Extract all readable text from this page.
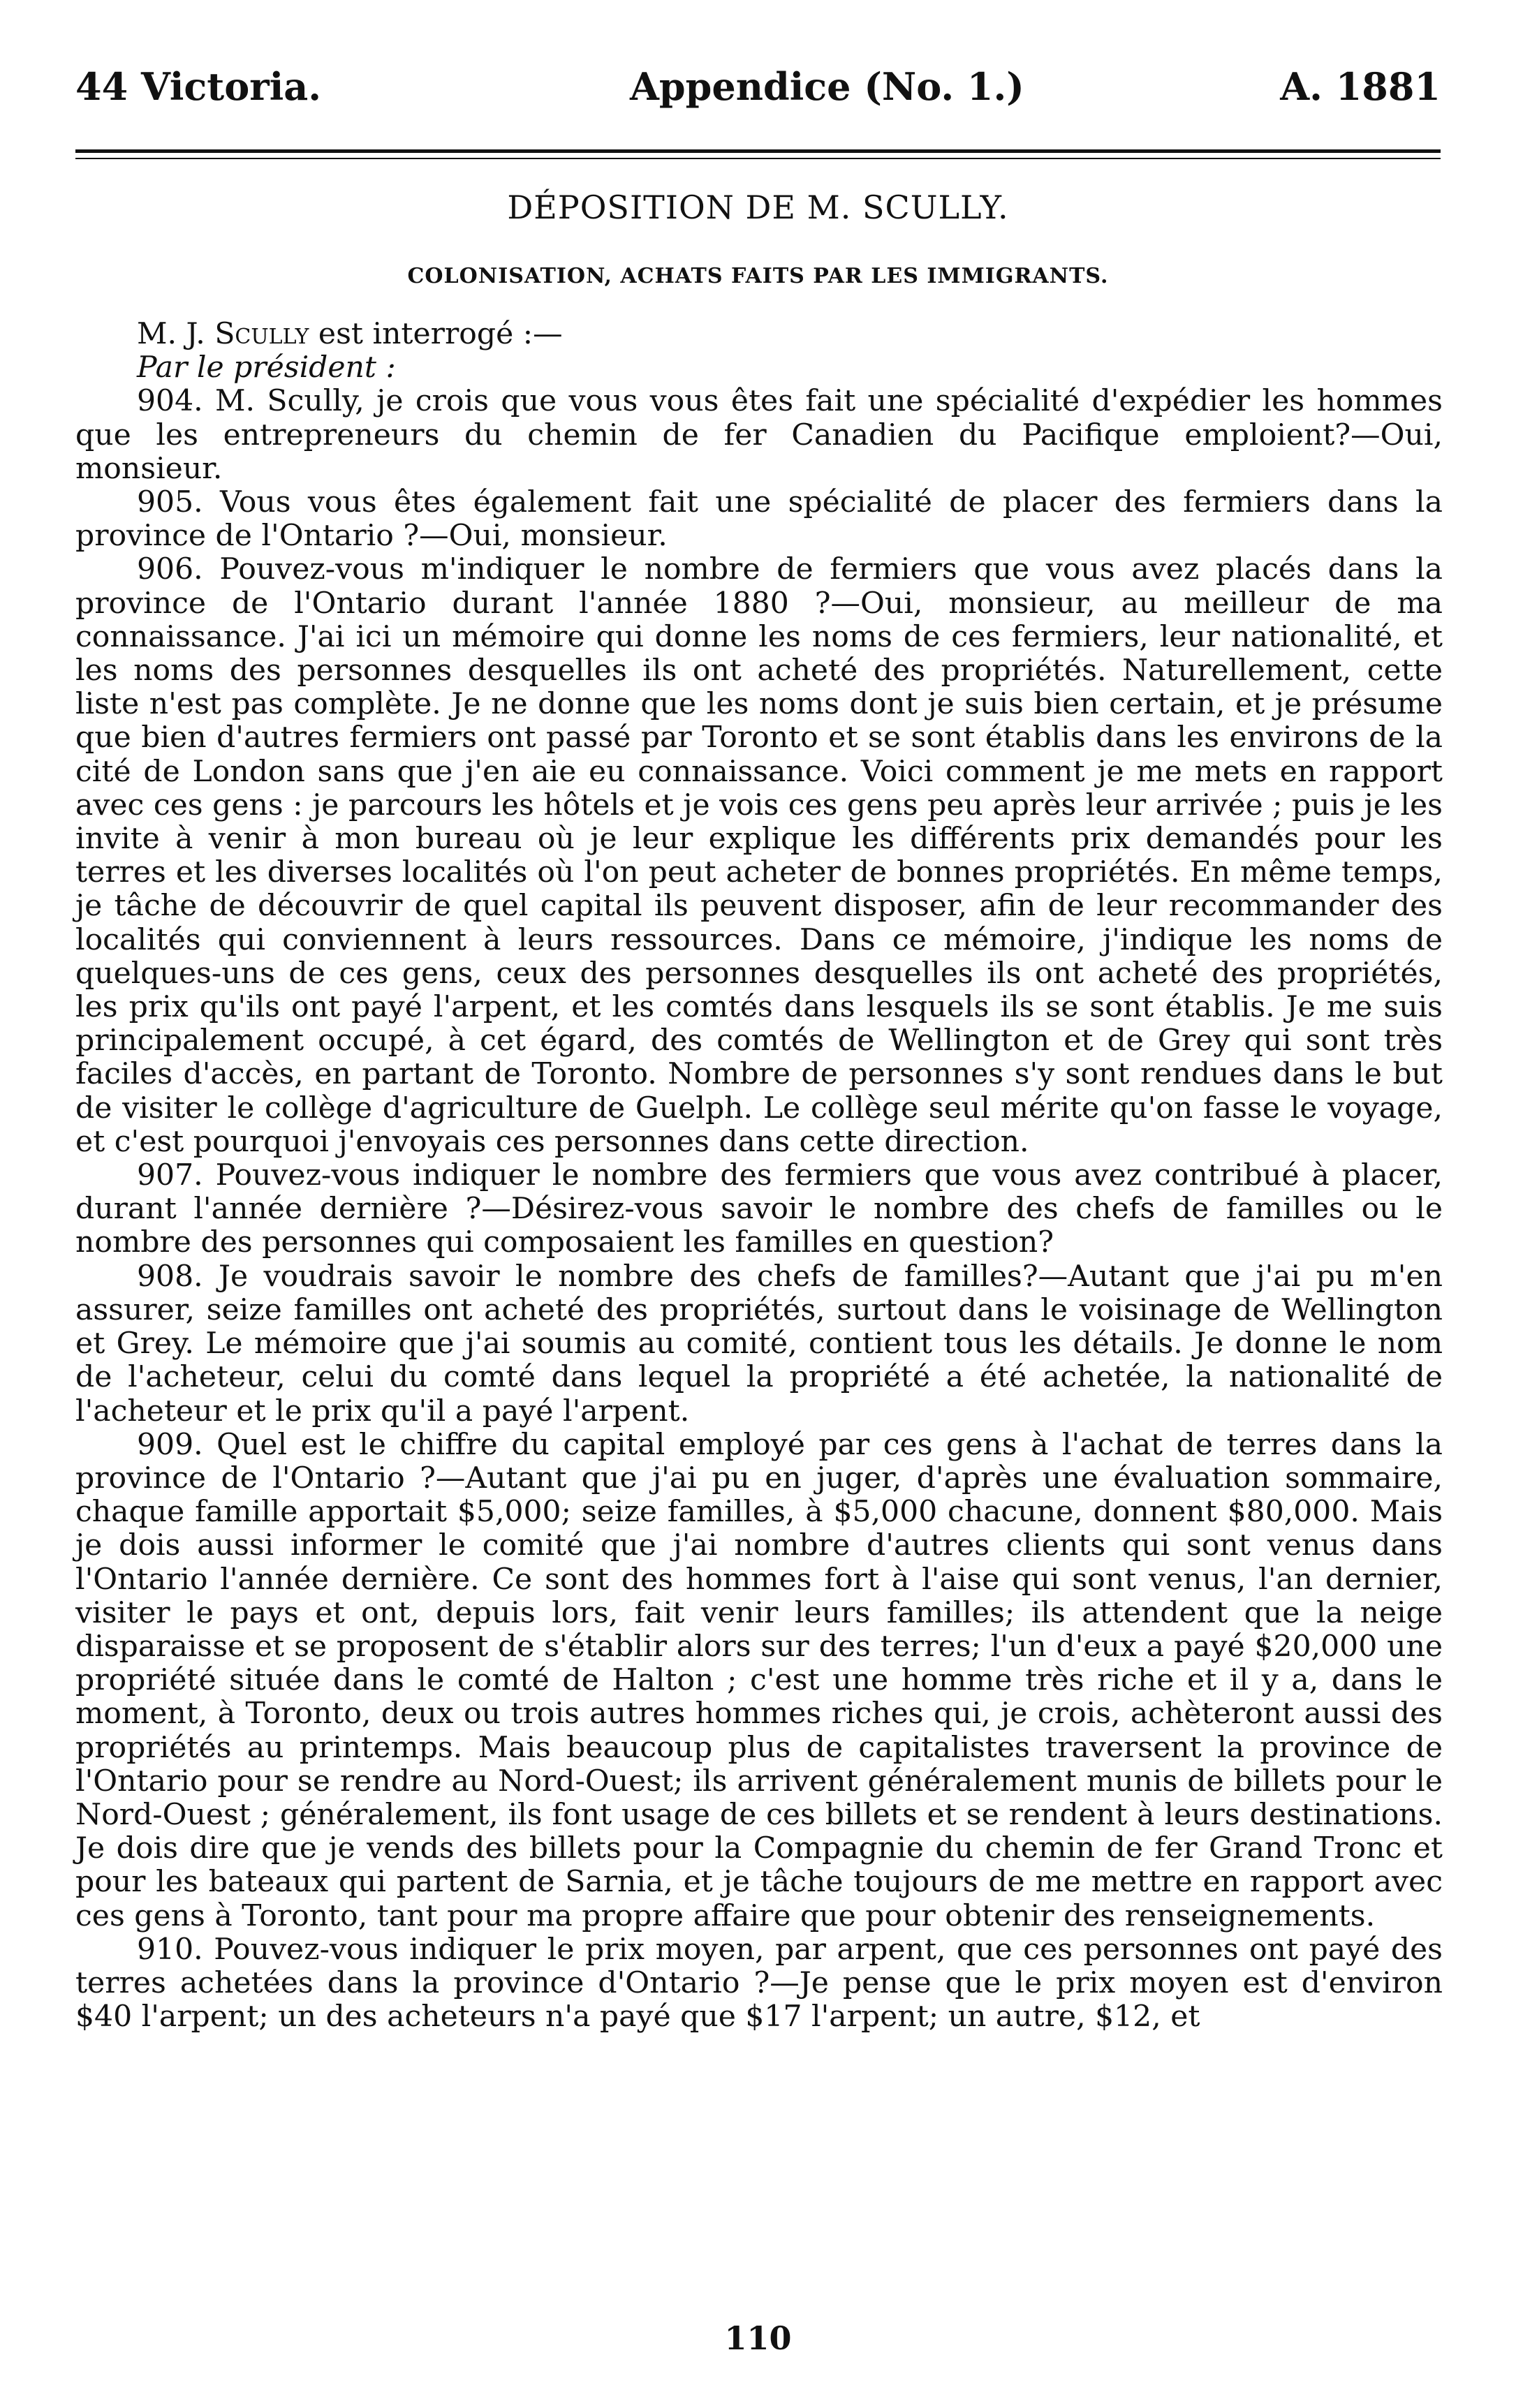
44 Victoria.	Appendice (No. 1.)	A. 1881
DÉPOSITION DE M. SCULLY.
COLONISATION, ACHATS FAITS PAR LES IMMIGRANTS.

M. J. Scully est interrogé :—

Par le président :

904. M. Scully, je crois que vous vous êtes fait une spécialité d'expédier les hommes que les entrepreneurs du chemin de fer Canadien du Pacifique emploient?—Oui, monsieur.

905. Vous vous êtes également fait une spécialité de placer des fermiers dans la province de l'Ontario ?—Oui, monsieur.

906. Pouvez-vous m'indiquer le nombre de fermiers que vous avez placés dans la province de l'Ontario durant l'année 1880 ?—Oui, monsieur, au meilleur de ma connaissance. J'ai ici un mémoire qui donne les noms de ces fermiers, leur nationalité, et les noms des personnes desquelles ils ont acheté des propriétés. Naturellement, cette liste n'est pas complète. Je ne donne que les noms dont je suis bien certain, et je présume que bien d'autres fermiers ont passé par Toronto et se sont établis dans les environs de la cité de London sans que j'en aie eu connaissance. Voici comment je me mets en rapport avec ces gens : je parcours les hôtels et je vois ces gens peu après leur arrivée ; puis je les invite à venir à mon bureau où je leur explique les différents prix demandés pour les terres et les diverses localités où l'on peut acheter de bonnes propriétés. En même temps, je tâche de découvrir de quel capital ils peuvent disposer, afin de leur recommander des localités qui conviennent à leurs ressources. Dans ce mémoire, j'indique les noms de quelques-uns de ces gens, ceux des personnes desquelles ils ont acheté des propriétés, les prix qu'ils ont payé l'arpent, et les comtés dans lesquels ils se sont établis. Je me suis principalement occupé, à cet égard, des comtés de Wellington et de Grey qui sont très faciles d'accès, en partant de Toronto. Nombre de personnes s'y sont rendues dans le but de visiter le collège d'agriculture de Guelph. Le collège seul mérite qu'on fasse le voyage, et c'est pourquoi j'envoyais ces personnes dans cette direction.

907. Pouvez-vous indiquer le nombre des fermiers que vous avez contribué à placer, durant l'année dernière ?—Désirez-vous savoir le nombre des chefs de familles ou le nombre des personnes qui composaient les familles en question?

908. Je voudrais savoir le nombre des chefs de familles?—Autant que j'ai pu m'en assurer, seize familles ont acheté des propriétés, surtout dans le voisinage de Wellington et Grey. Le mémoire que j'ai soumis au comité, contient tous les détails. Je donne le nom de l'acheteur, celui du comté dans lequel la propriété a été achetée, la nationalité de l'acheteur et le prix qu'il a payé l'arpent.

909. Quel est le chiffre du capital employé par ces gens à l'achat de terres dans la province de l'Ontario ?—Autant que j'ai pu en juger, d'après une évaluation sommaire, chaque famille apportait $5,000; seize familles, à $5,000 chacune, donnent $80,000. Mais je dois aussi informer le comité que j'ai nombre d'autres clients qui sont venus dans l'Ontario l'année dernière. Ce sont des hommes fort à l'aise qui sont venus, l'an dernier, visiter le pays et ont, depuis lors, fait venir leurs familles; ils attendent que la neige disparaisse et se proposent de s'établir alors sur des terres; l'un d'eux a payé $20,000 une propriété située dans le comté de Halton ; c'est une homme très riche et il y a, dans le moment, à Toronto, deux ou trois autres hommes riches qui, je crois, achèteront aussi des propriétés au printemps. Mais beaucoup plus de capitalistes traversent la province de l'Ontario pour se rendre au Nord-Ouest; ils arrivent généralement munis de billets pour le Nord-Ouest ; généralement, ils font usage de ces billets et se rendent à leurs destinations. Je dois dire que je vends des billets pour la Compagnie du chemin de fer Grand Tronc et pour les bateaux qui partent de Sarnia, et je tâche toujours de me mettre en rapport avec ces gens à Toronto, tant pour ma propre affaire que pour obtenir des renseignements.

910. Pouvez-vous indiquer le prix moyen, par arpent, que ces personnes ont payé des terres achetées dans la province d'Ontario ?—Je pense que le prix moyen est d'environ $40 l'arpent; un des acheteurs n'a payé que $17 l'arpent; un autre, $12, et

110
